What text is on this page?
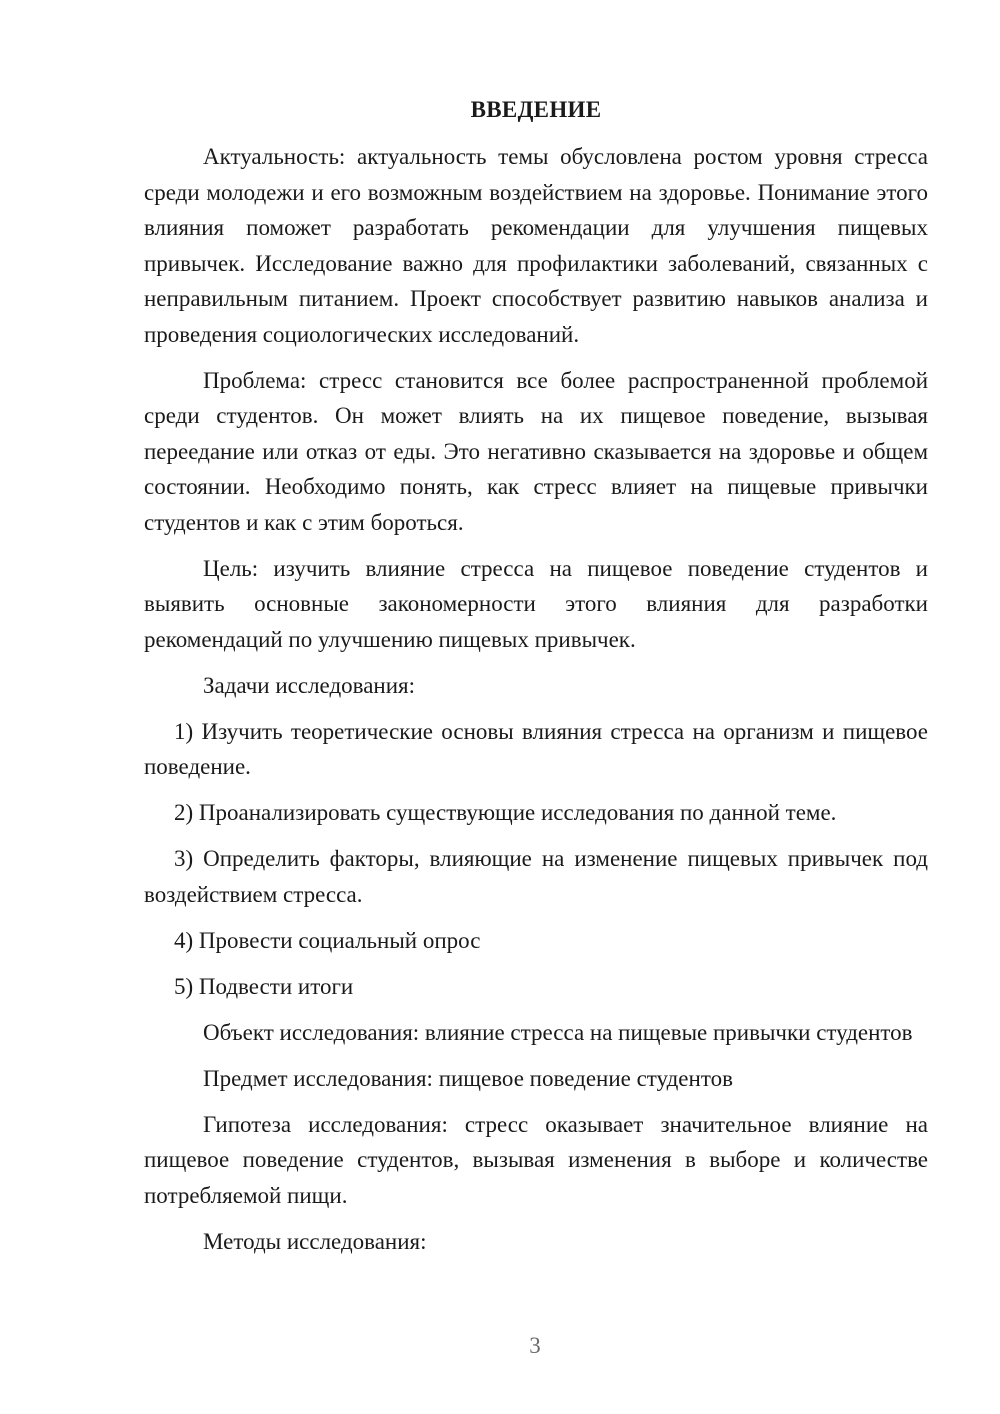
ВВЕДЕНИЕ

Актуальность: актуальность темы обусловлена ростом уровня стресса среди молодежи и его возможным воздействием на здоровье. Понимание этого влияния поможет разработать рекомендации для улучшения пищевых привычек. Исследование важно для профилактики заболеваний, связанных с неправильным питанием. Проект способствует развитию навыков анализа и проведения социологических исследований.

Проблема: стресс становится все более распространенной проблемой среди студентов. Он может влиять на их пищевое поведение, вызывая переедание или отказ от еды. Это негативно сказывается на здоровье и общем состоянии. Необходимо понять, как стресс влияет на пищевые привычки студентов и как с этим бороться.

Цель: изучить влияние стресса на пищевое поведение студентов и выявить основные закономерности этого влияния для разработки рекомендаций по улучшению пищевых привычек.

Задачи исследования:

1) Изучить теоретические основы влияния стресса на организм и пищевое поведение.

2) Проанализировать существующие исследования по данной теме.

3) Определить факторы, влияющие на изменение пищевых привычек под воздействием стресса.

4) Провести социальный опрос

5) Подвести итоги

Объект исследования: влияние стресса на пищевые привычки студентов

Предмет исследования: пищевое поведение студентов

Гипотеза исследования: стресс оказывает значительное влияние на пищевое поведение студентов, вызывая изменения в выборе и количестве потребляемой пищи.

Методы исследования:

3
